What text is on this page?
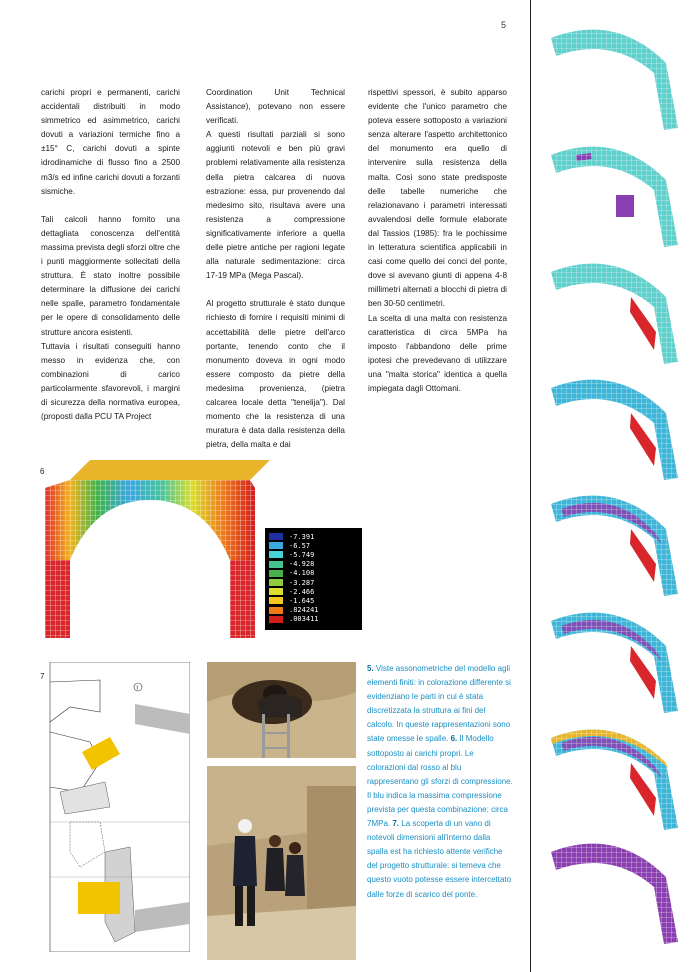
5

carichi propri e permanenti, carichi accidentali distribuiti in modo simmetrico ed asimmetrico, carichi dovuti a variazioni termiche fino a ±15° C, carichi dovuti a spinte idrodinamiche di flusso fino a 2500 m3/s ed infine carichi dovuti a forzanti sismiche.

Tali calcoli hanno fornito una dettagliata conoscenza dell'entità massima prevista degli sforzi oltre che i punti maggiormente sollecitati della struttura. È stato inoltre possibile determinare la diffusione dei carichi nelle spalle, parametro fondamentale per le opere di consolidamento delle strutture ancora esistenti.

Tuttavia i risultati conseguiti hanno messo in evidenza che, con combinazioni di carico particolarmente sfavorevoli, i margini di sicurezza della normativa europea, (proposti dalla PCU TA Project

Coordination Unit Technical Assistance), potevano non essere verificati.

A questi risultati parziali si sono aggiunti notevoli e ben più gravi problemi relativamente alla resistenza della pietra calcarea di nuova estrazione: essa, pur provenendo dal medesimo sito, risultava avere una resistenza a compressione significativamente inferiore a quella delle pietre antiche per ragioni legate alla naturale sedimentazione: circa 17-19 MPa (Mega Pascal).

Al progetto strutturale è stato dunque richiesto di fornire i requisiti minimi di accettabilità delle pietre dell'arco portante, tenendo conto che il monumento doveva in ogni modo essere composto da pietre della medesima provenienza, (pietra calcarea locale detta "tenelija"). Dal momento che la resistenza di una muratura è data dalla resistenza della pietra, della malta e dai

rispettivi spessori, è subito apparso evidente che l'unico parametro che poteva essere sottoposto a variazioni senza alterare l'aspetto architettonico del monumento era quello di intervenire sulla resistenza della malta. Così sono state predisposte delle tabelle numeriche che relazionavano i parametri interessati avvalendosi delle formule elaborate dal Tassios (1985): fra le pochissime in letteratura scientifica applicabili in casi come quello dei conci del ponte, dove si avevano giunti di appena 4-8 millimetri alternati a blocchi di pietra di ben 30-50 centimetri.

La scelta di una malta con resistenza caratteristica di circa 5MPa ha imposto l'abbandono delle prime ipotesi che prevedevano di utilizzare una "malta storica" identica a quella impiegata dagli Ottomani.

6
-7.391
-6.57
-5.749
-4.928
-4.108
-3.287
-2.466
-1.645
.824241
.003411
7
i
5. Viste assonometriche del modello agli elementi finiti: in colorazione differente si evidenziano le parti in cui è stata discretizzata la struttura ai fini del calcolo. In queste rappresentazioni sono state omesse le spalle. 6. Il Modello sottoposto ai carichi propri. Le colorazioni dal rosso al blu rappresentano gli sforzi di compressione. Il blu indica la massima compressione prevista per questa combinazione: circa 7MPa. 7. La scoperta di un vano di notevoli dimensioni all'interno dalla spalla est ha richiesto attente verifiche del progetto strutturale: si temeva che questo vuoto potesse essere intercettato dalle forze di scarico del ponte.
